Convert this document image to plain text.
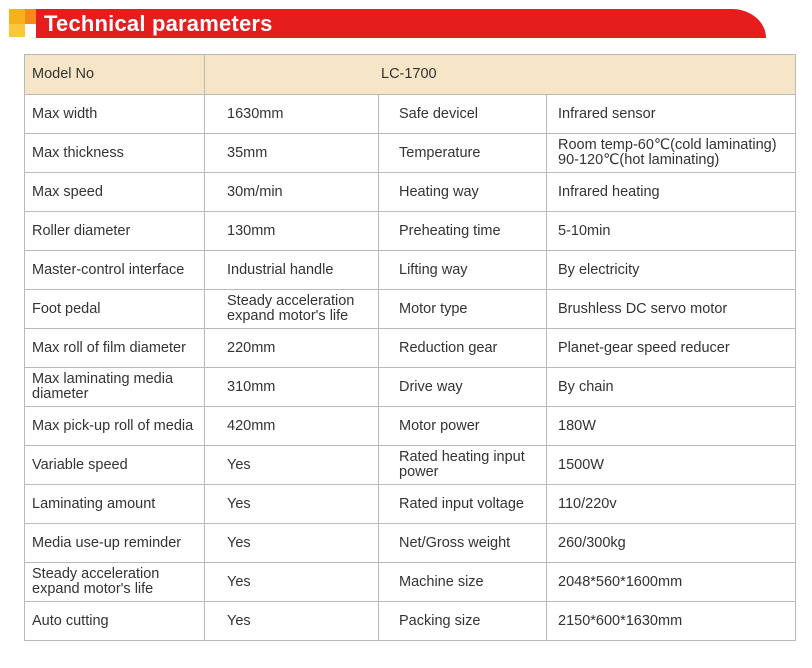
Technical parameters
Model No	LC-1700		
Max width	1630mm	Safe devicel	Infrared sensor
Max thickness	35mm	Temperature	Room temp-60℃(cold laminating) 90-120℃(hot laminating)
Max speed	30m/min	Heating way	Infrared heating
Roller diameter	130mm	Preheating time	5-10min
Master-control interface	Industrial handle	Lifting way	By electricity
Foot pedal	Steady acceleration expand motor's life	Motor type	Brushless DC servo motor
Max roll of film diameter	220mm	Reduction gear	Planet-gear speed reducer
Max laminating media diameter	310mm	Drive way	By chain
Max pick-up roll of media	420mm	Motor power	180W
Variable speed	Yes	Rated heating input power	1500W
Laminating amount	Yes	Rated input voltage	110/220v
Media use-up reminder	Yes	Net/Gross weight	260/300kg
Steady acceleration expand motor's life	Yes	Machine size	2048*560*1600mm
Auto cutting	Yes	Packing size	2150*600*1630mm
